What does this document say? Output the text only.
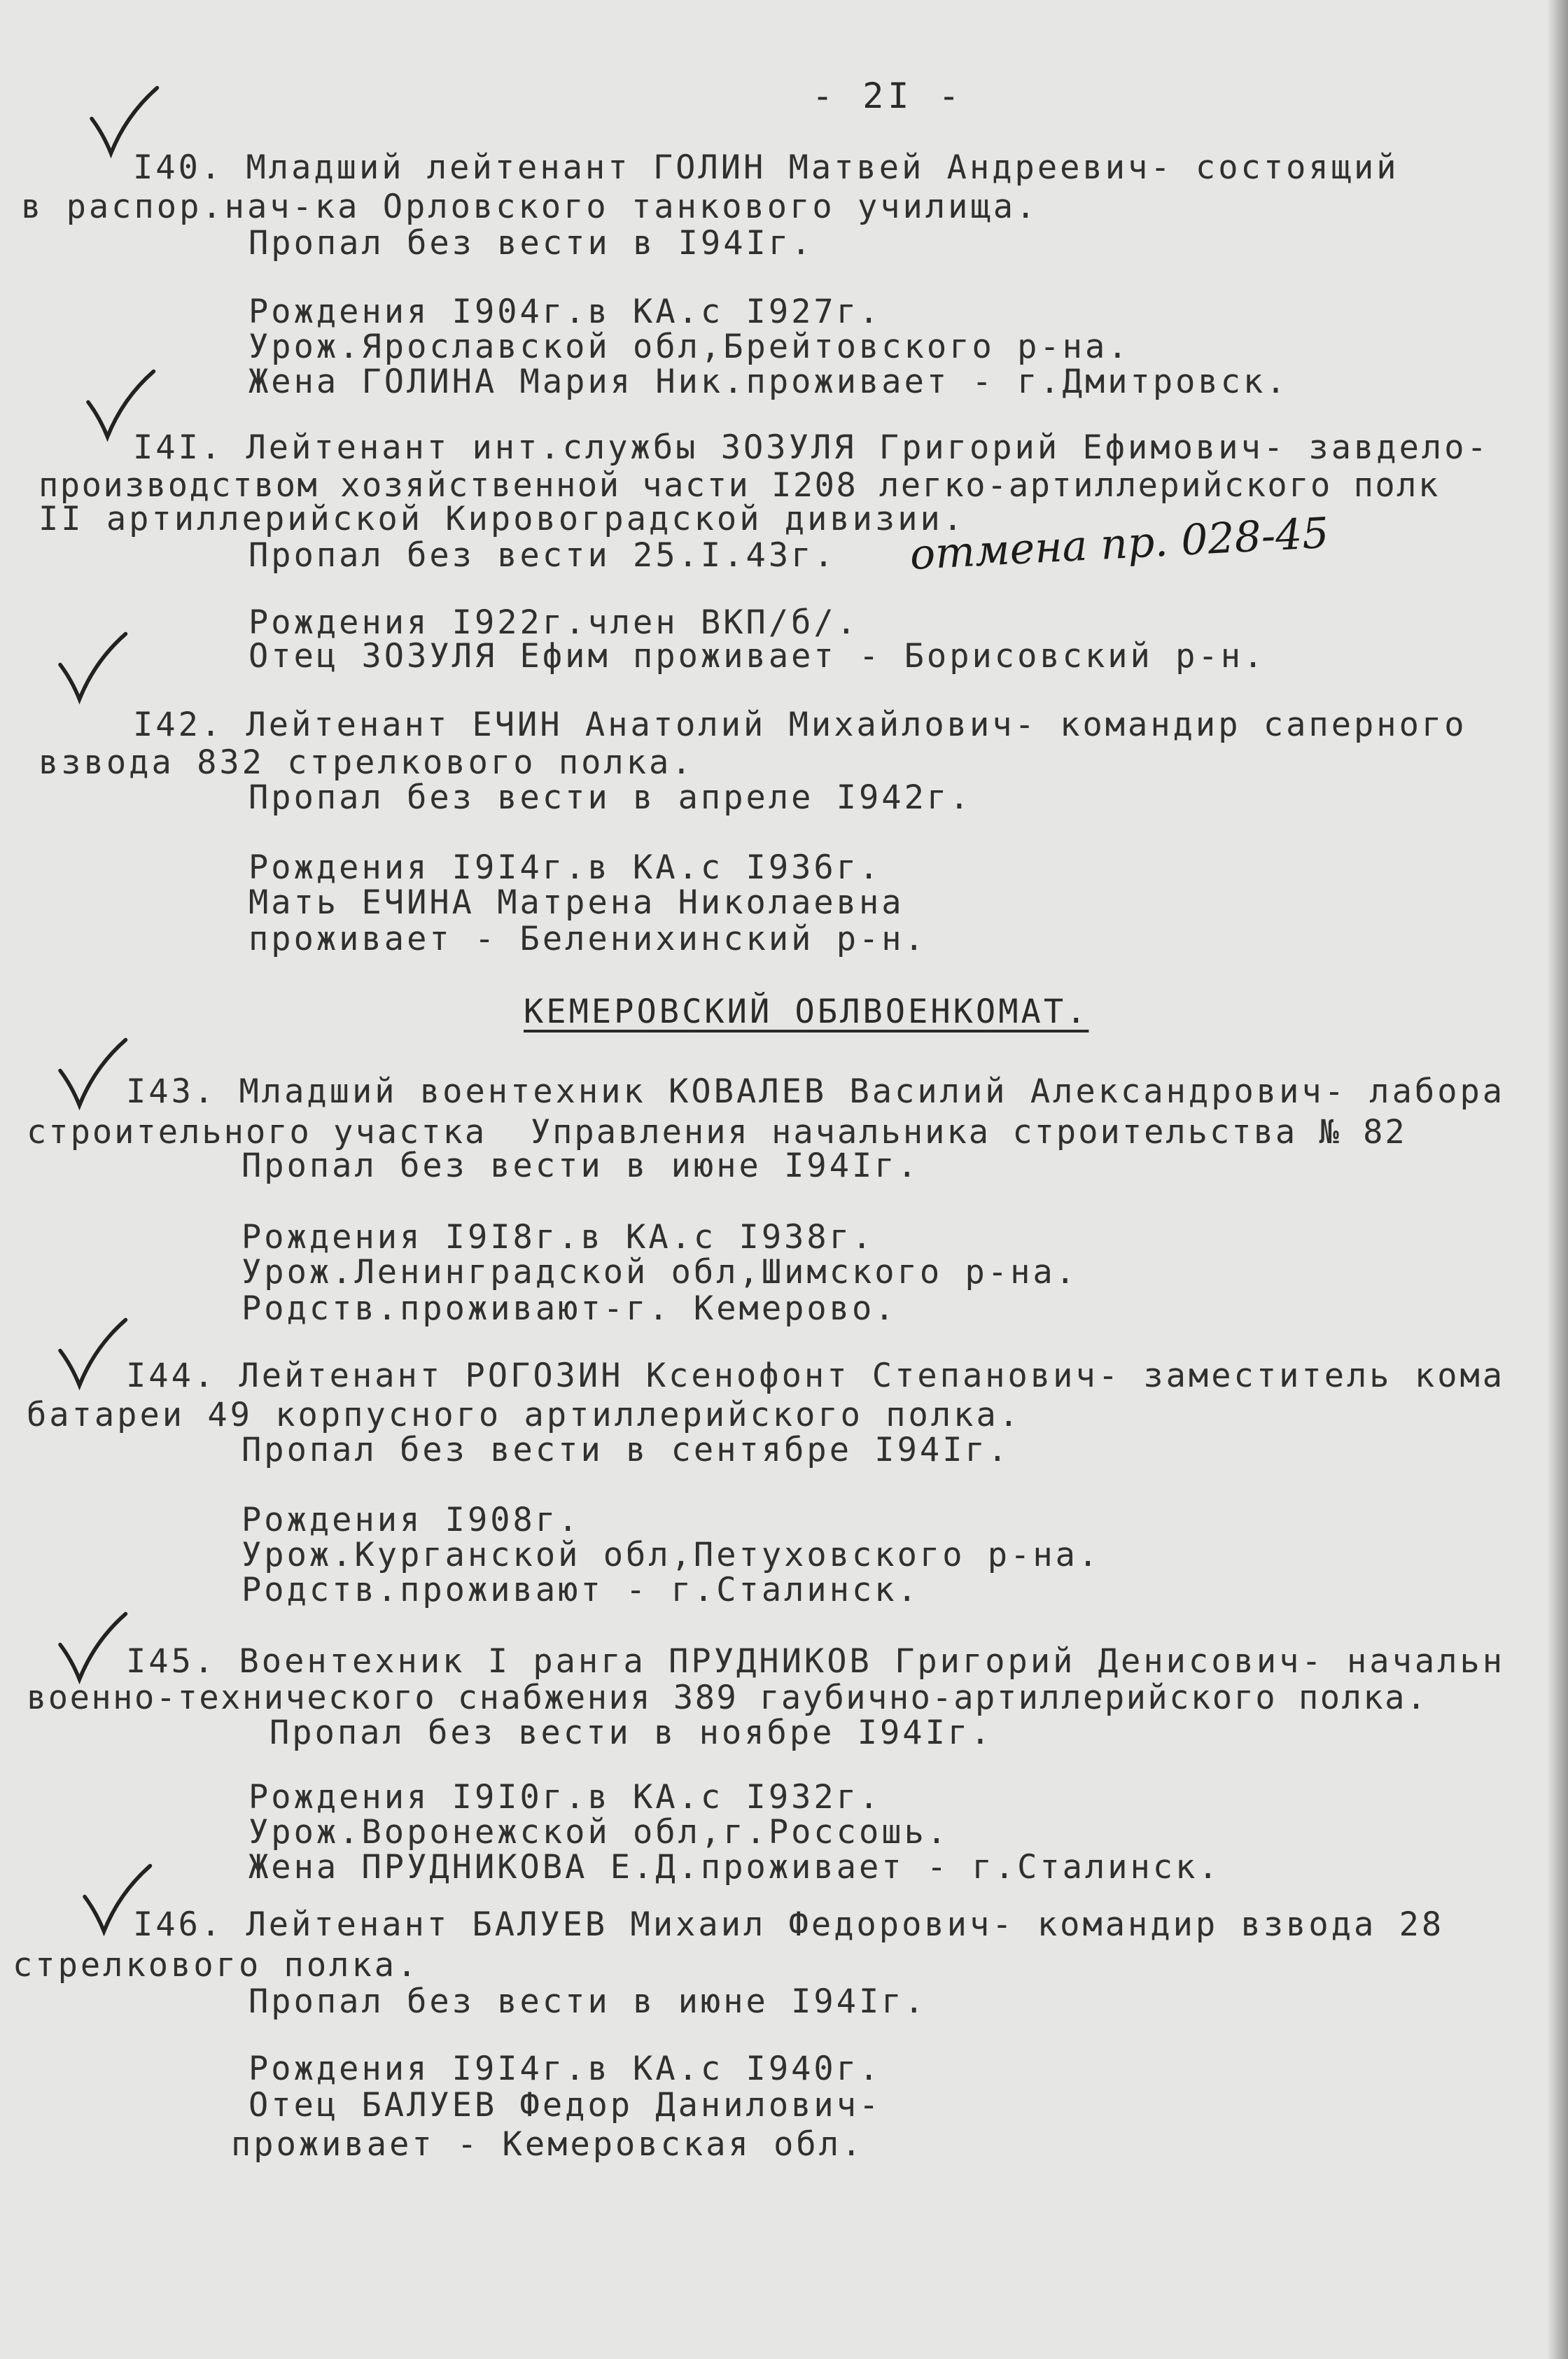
- 2I -
I40. Младший лейтенант ГОЛИН Матвей Андреевич- состоящий
в распор.нач-ка Орловского танкового училища.
Пропал без вести в I94Iг.
Рождения I904г.в КА.с I927г.
Урож.Ярославской обл,Брейтовского р-на.
Жена ГОЛИНА Мария Ник.проживает - г.Дмитровск.
I4I. Лейтенант инт.службы ЗОЗУЛЯ Григорий Ефимович- завдело-
производством хозяйственной части I208 легко-артиллерийского полк
II артиллерийской Кировоградской дивизии.
Пропал без вести 25.I.43г. отмена пр. 028-45
Рождения I922г.член ВКП/б/.
Отец ЗОЗУЛЯ Ефим проживает - Борисовский р-н.
I42. Лейтенант ЕЧИН Анатолий Михайлович- командир саперного
взвода 832 стрелкового полка.
Пропал без вести в апреле I942г.
Рождения I9I4г.в КА.с I936г.
Мать ЕЧИНА Матрена Николаевна
проживает - Беленихинский р-н.
КЕМЕРОВСКИЙ ОБЛВОЕНКОМАТ.
I43. Младший воентехник КОВАЛЕВ Василий Александрович- лабора
строительного участка  Управления начальника строительства № 82
Пропал без вести в июне I94Iг.
Рождения I9I8г.в КА.с I938г.
Урож.Ленинградской обл,Шимского р-на.
Родств.проживают-г. Кемерово.
I44. Лейтенант РОГОЗИН Ксенофонт Степанович- заместитель кома
батареи 49 корпусного артиллерийского полка.
Пропал без вести в сентябре I94Iг.
Рождения I908г.
Урож.Курганской обл,Петуховского р-на.
Родств.проживают - г.Сталинск.
I45. Воентехник I ранга ПРУДНИКОВ Григорий Денисович- начальн
военно-технического снабжения 389 гаубично-артиллерийского полка.
Пропал без вести в ноябре I94Iг.
Рождения I9I0г.в КА.с I932г.
Урож.Воронежской обл,г.Россошь.
Жена ПРУДНИКОВА Е.Д.проживает - г.Сталинск.
I46. Лейтенант БАЛУЕВ Михаил Федорович- командир взвода 28
стрелкового полка.
Пропал без вести в июне I94Iг.
Рождения I9I4г.в КА.с I940г.
Отец БАЛУЕВ Федор Данилович-
проживает - Кемеровская обл.
